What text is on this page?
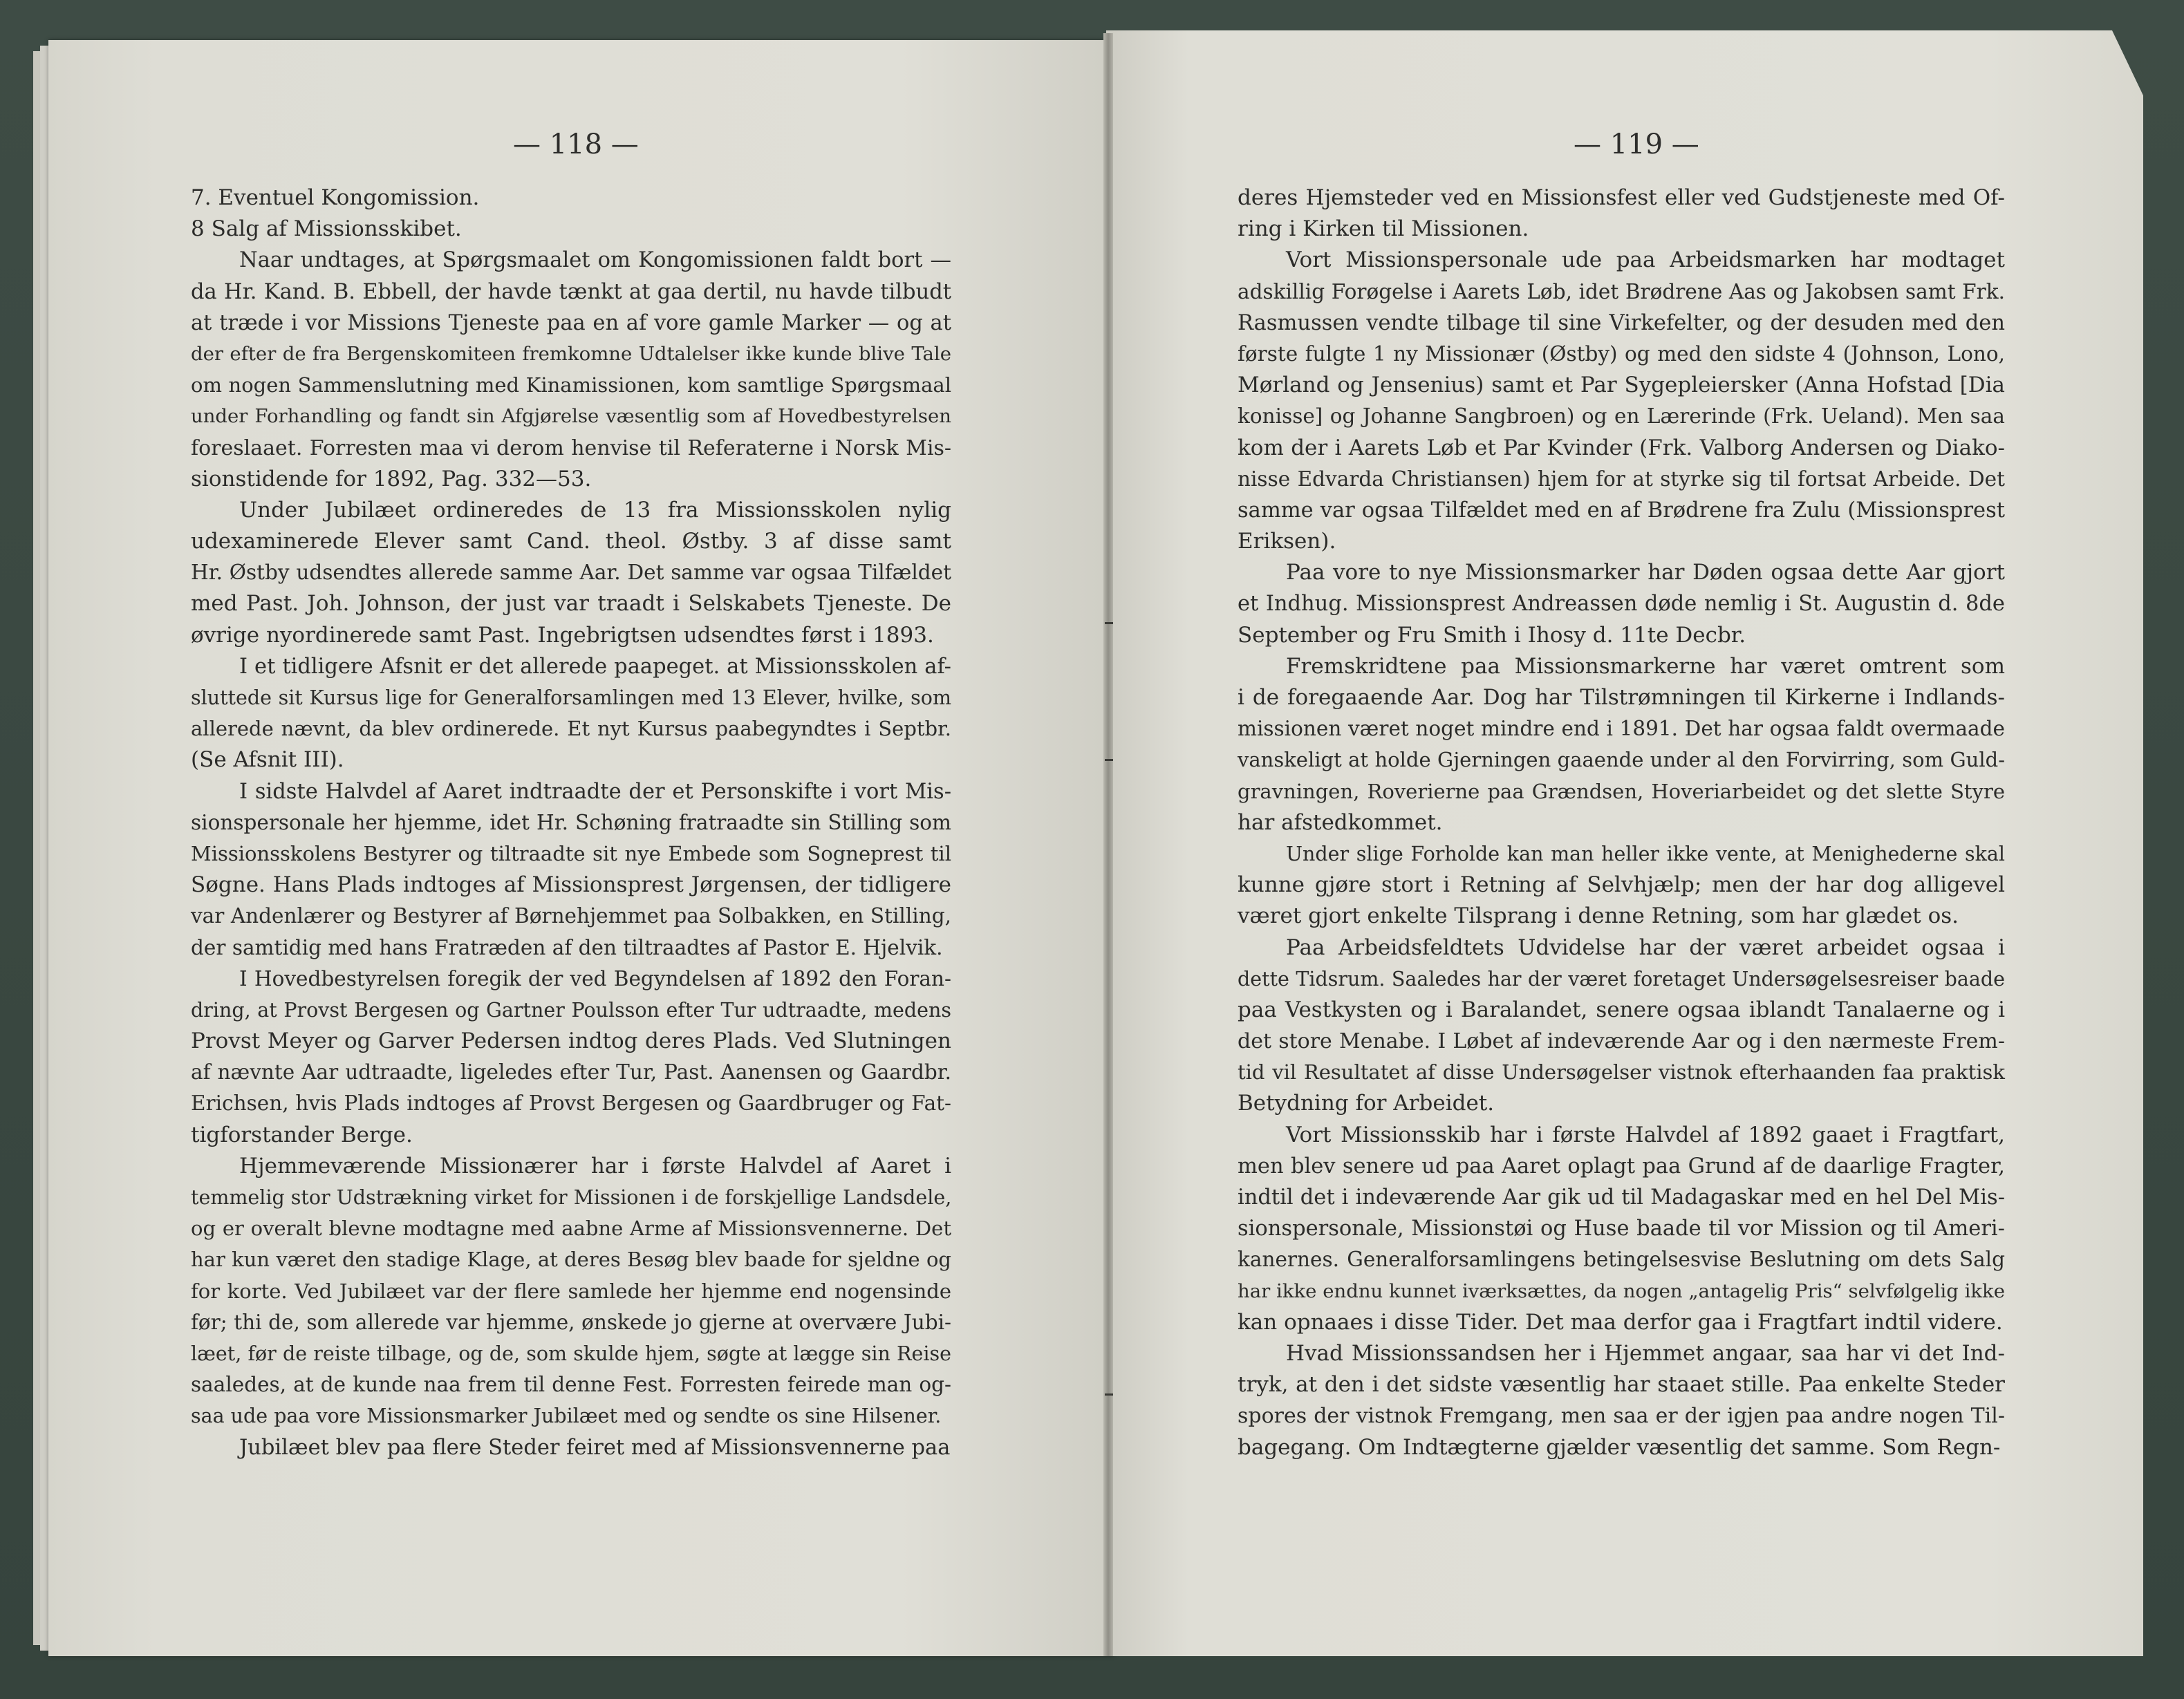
— 118 —	— 119 —
7. Eventuel Kongomission.
8 Salg af Missionsskibet.
Naar undtages, at Spørgsmaalet om Kongomissionen faldt bort —
da Hr. Kand. B. Ebbell, der havde tænkt at gaa dertil, nu havde tilbudt
at træde i vor Missions Tjeneste paa en af vore gamle Marker — og at
der efter de fra Bergenskomiteen fremkomne Udtalelser ikke kunde blive Tale
om nogen Sammenslutning med Kinamissionen, kom samtlige Spørgsmaal
under Forhandling og fandt sin Afgjørelse væsentlig som af Hovedbestyrelsen
foreslaaet. Forresten maa vi derom henvise til Referaterne i Norsk Mis-
sionstidende for 1892, Pag. 332—53.
Under Jubilæet ordineredes de 13 fra Missionsskolen nylig
udexaminerede Elever samt Cand. theol. Østby. 3 af disse samt
Hr. Østby udsendtes allerede samme Aar. Det samme var ogsaa Tilfældet
med Past. Joh. Johnson, der just var traadt i Selskabets Tjeneste. De
øvrige nyordinerede samt Past. Ingebrigtsen udsendtes først i 1893.
I et tidligere Afsnit er det allerede paapeget. at Missionsskolen af-
sluttede sit Kursus lige for Generalforsamlingen med 13 Elever, hvilke, som
allerede nævnt, da blev ordinerede. Et nyt Kursus paabegyndtes i Septbr.
(Se Afsnit III).
I sidste Halvdel af Aaret indtraadte der et Personskifte i vort Mis-
sionspersonale her hjemme, idet Hr. Schøning fratraadte sin Stilling som
Missionsskolens Bestyrer og tiltraadte sit nye Embede som Sogneprest til
Søgne. Hans Plads indtoges af Missionsprest Jørgensen, der tidligere
var Andenlærer og Bestyrer af Børnehjemmet paa Solbakken, en Stilling,
der samtidig med hans Fratræden af den tiltraadtes af Pastor E. Hjelvik.
I Hovedbestyrelsen foregik der ved Begyndelsen af 1892 den Foran-
dring, at Provst Bergesen og Gartner Poulsson efter Tur udtraadte, medens
Provst Meyer og Garver Pedersen indtog deres Plads. Ved Slutningen
af nævnte Aar udtraadte, ligeledes efter Tur, Past. Aanensen og Gaardbr.
Erichsen, hvis Plads indtoges af Provst Bergesen og Gaardbruger og Fat-
tigforstander Berge.
Hjemmeværende Missionærer har i første Halvdel af Aaret i
temmelig stor Udstrækning virket for Missionen i de forskjellige Landsdele,
og er overalt blevne modtagne med aabne Arme af Missionsvennerne. Det
har kun været den stadige Klage, at deres Besøg blev baade for sjeldne og
for korte. Ved Jubilæet var der flere samlede her hjemme end nogensinde
før; thi de, som allerede var hjemme, ønskede jo gjerne at overvære Jubi-
læet, før de reiste tilbage, og de, som skulde hjem, søgte at lægge sin Reise
saaledes, at de kunde naa frem til denne Fest. Forresten feirede man og-
saa ude paa vore Missionsmarker Jubilæet med og sendte os sine Hilsener.
Jubilæet blev paa flere Steder feiret med af Missionsvennerne paa
deres Hjemsteder ved en Missionsfest eller ved Gudstjeneste med Of-
ring i Kirken til Missionen.
Vort Missionspersonale ude paa Arbeidsmarken har modtaget
adskillig Forøgelse i Aarets Løb, idet Brødrene Aas og Jakobsen samt Frk.
Rasmussen vendte tilbage til sine Virkefelter, og der desuden med den
første fulgte 1 ny Missionær (Østby) og med den sidste 4 (Johnson, Lono,
Mørland og Jensenius) samt et Par Sygepleiersker (Anna Hofstad [Dia
konisse] og Johanne Sangbroen) og en Lærerinde (Frk. Ueland). Men saa
kom der i Aarets Løb et Par Kvinder (Frk. Valborg Andersen og Diako-
nisse Edvarda Christiansen) hjem for at styrke sig til fortsat Arbeide. Det
samme var ogsaa Tilfældet med en af Brødrene fra Zulu (Missionsprest
Eriksen).
Paa vore to nye Missionsmarker har Døden ogsaa dette Aar gjort
et Indhug. Missionsprest Andreassen døde nemlig i St. Augustin d. 8de
September og Fru Smith i Ihosy d. 11te Decbr.
Fremskridtene paa Missionsmarkerne har været omtrent som
i de foregaaende Aar. Dog har Tilstrømningen til Kirkerne i Indlands-
missionen været noget mindre end i 1891. Det har ogsaa faldt overmaade
vanskeligt at holde Gjerningen gaaende under al den Forvirring, som Guld-
gravningen, Roverierne paa Grændsen, Hoveriarbeidet og det slette Styre
har afstedkommet.
Under slige Forholde kan man heller ikke vente, at Menighederne skal
kunne gjøre stort i Retning af Selvhjælp; men der har dog alligevel
været gjort enkelte Tilsprang i denne Retning, som har glædet os.
Paa Arbeidsfeldtets Udvidelse har der været arbeidet ogsaa i
dette Tidsrum. Saaledes har der været foretaget Undersøgelsesreiser baade
paa Vestkysten og i Baralandet, senere ogsaa iblandt Tanalaerne og i
det store Menabe. I Løbet af indeværende Aar og i den nærmeste Frem-
tid vil Resultatet af disse Undersøgelser vistnok efterhaanden faa praktisk
Betydning for Arbeidet.
Vort Missionsskib har i første Halvdel af 1892 gaaet i Fragtfart,
men blev senere ud paa Aaret oplagt paa Grund af de daarlige Fragter,
indtil det i indeværende Aar gik ud til Madagaskar med en hel Del Mis-
sionspersonale, Missionstøi og Huse baade til vor Mission og til Ameri-
kanernes. Generalforsamlingens betingelsesvise Beslutning om dets Salg
har ikke endnu kunnet iværksættes, da nogen „antagelig Pris“ selvfølgelig ikke
kan opnaaes i disse Tider. Det maa derfor gaa i Fragtfart indtil videre.
Hvad Missionssandsen her i Hjemmet angaar, saa har vi det Ind-
tryk, at den i det sidste væsentlig har staaet stille. Paa enkelte Steder
spores der vistnok Fremgang, men saa er der igjen paa andre nogen Til-
bagegang. Om Indtægterne gjælder væsentlig det samme. Som Regn-
